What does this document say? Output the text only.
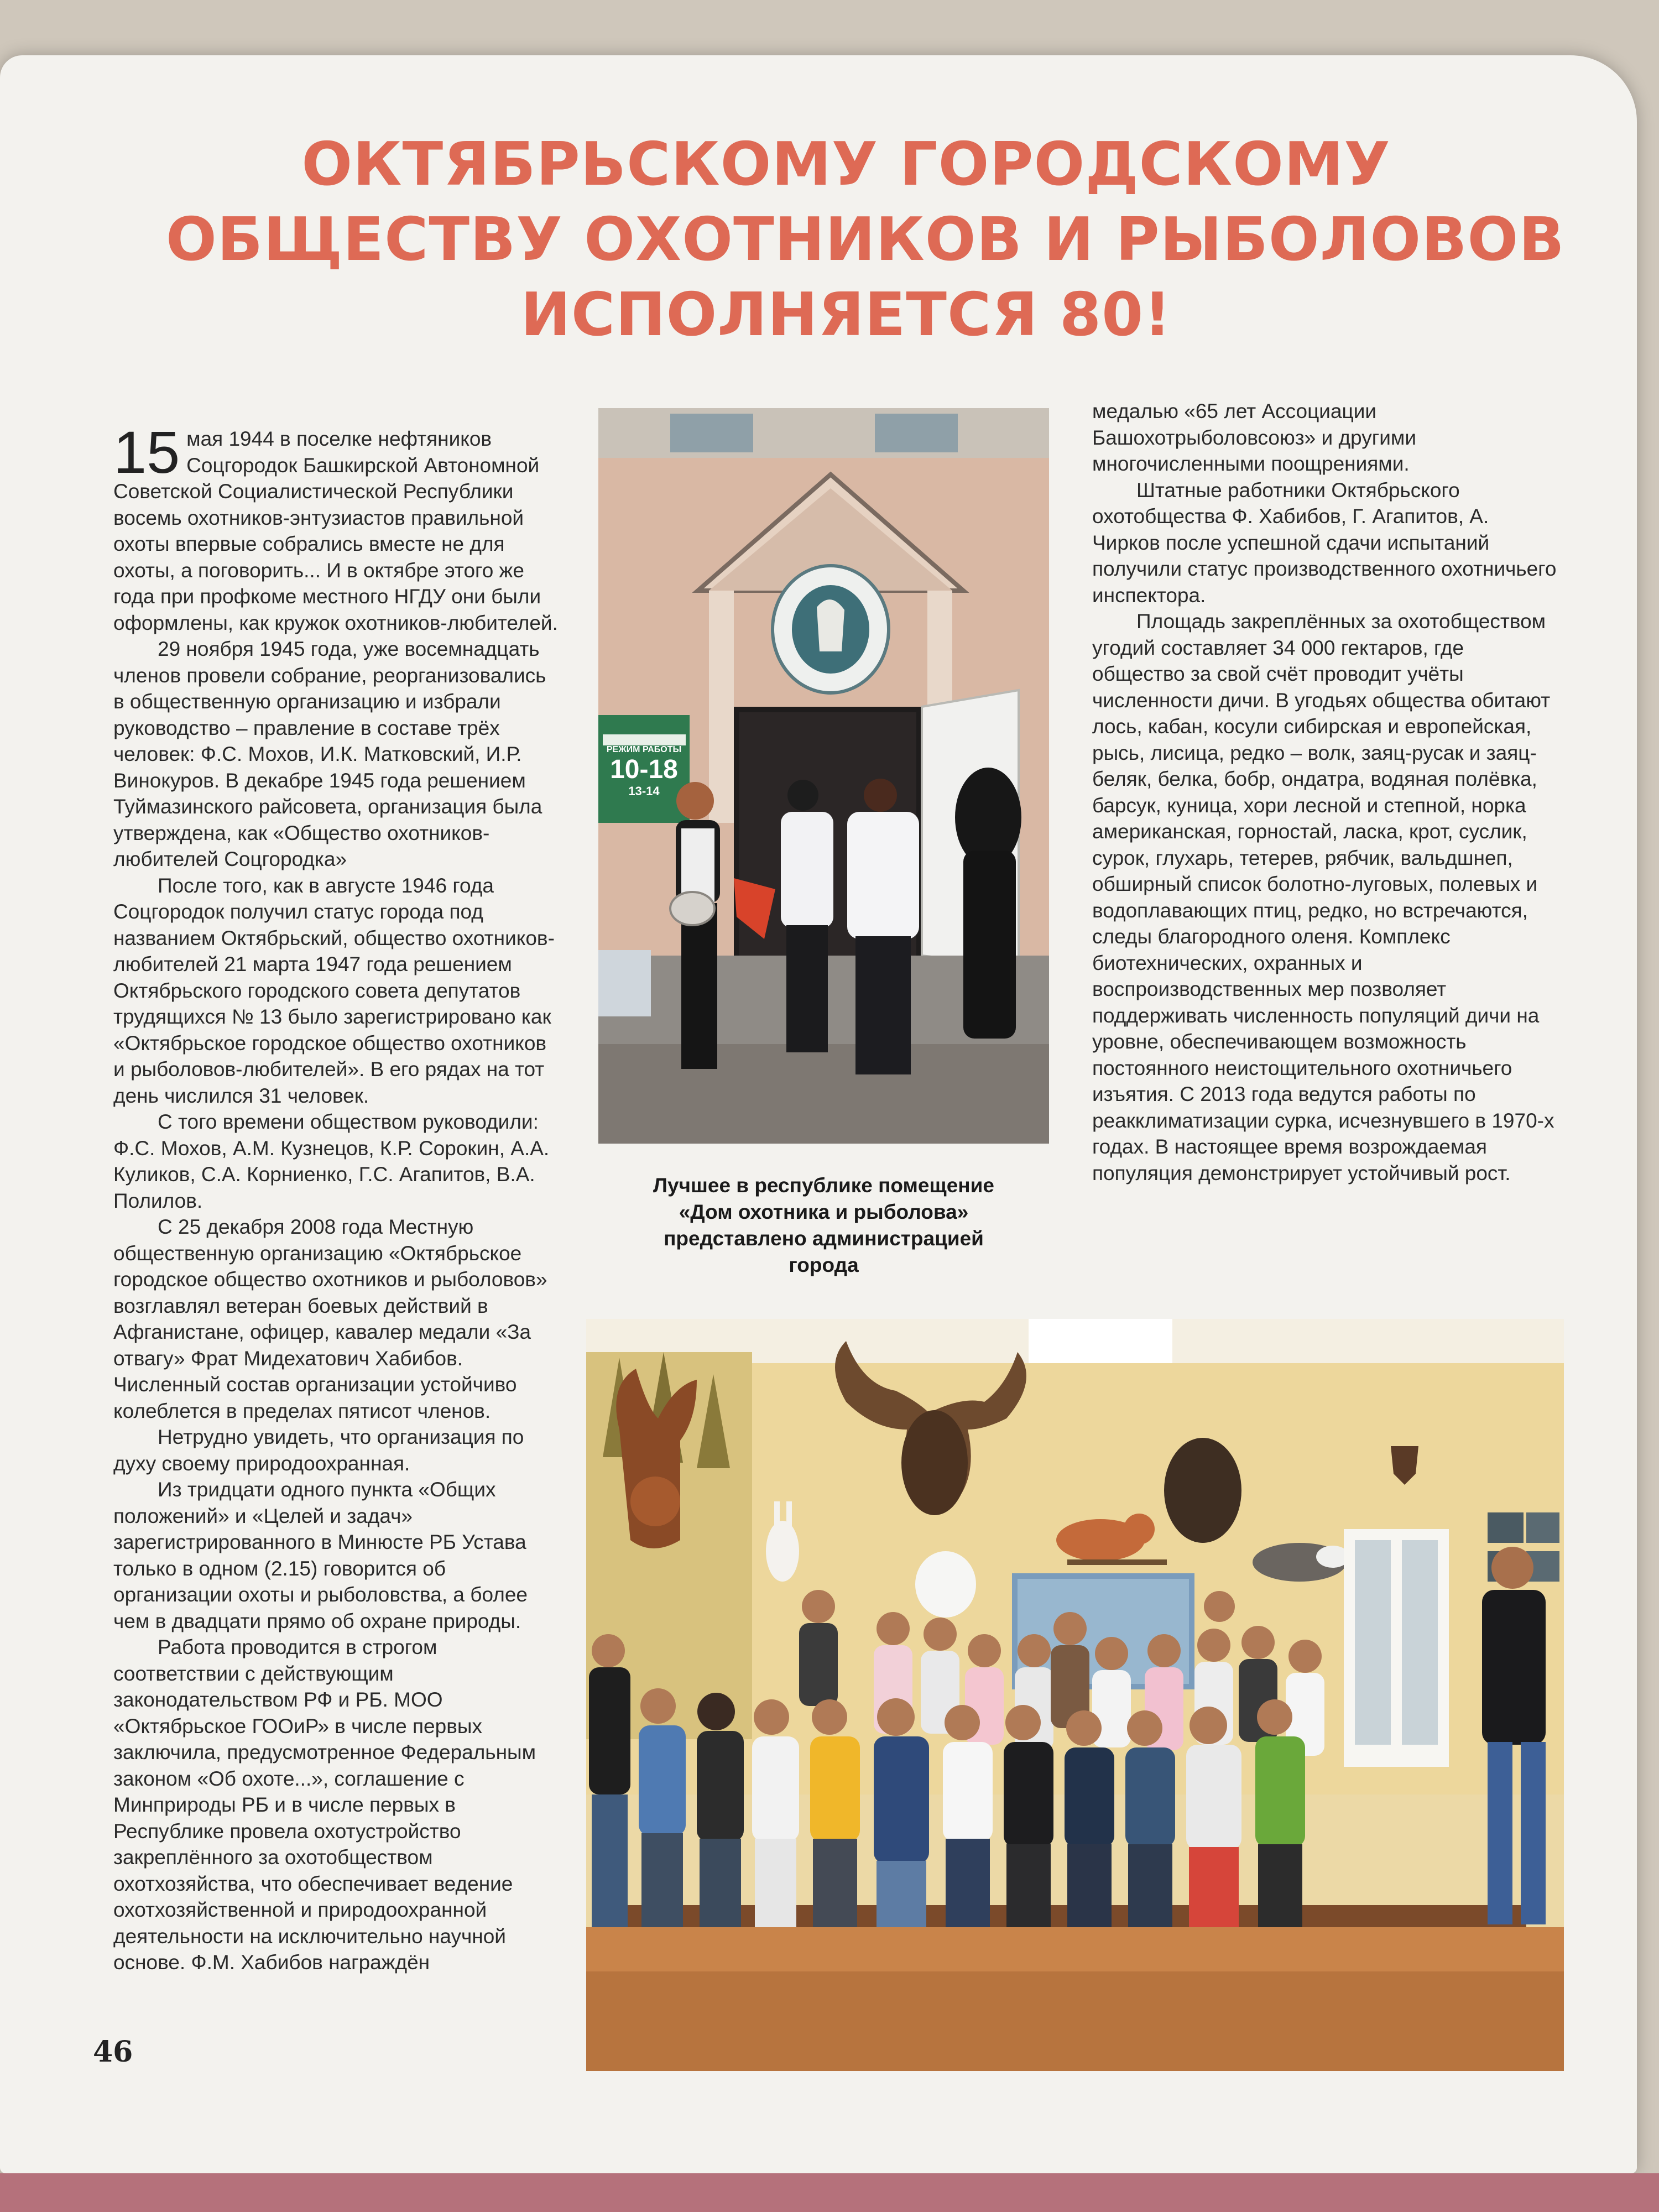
ОКТЯБРЬСКОМУ ГОРОДСКОМУ
ОБЩЕСТВУ ОХОТНИКОВ И РЫБОЛОВОВ
ИСПОЛНЯЕТСЯ 80!

15 мая 1944 в поселке нефтяников Соцгородок Башкирской Автономной Советской Социалистической Республики восемь охотников-энтузиастов правильной охоты впервые собрались вместе не для охоты, а поговорить... И в октябре этого же года при профкоме местного НГДУ они были оформлены, как кружок охотников-любителей.

29 ноября 1945 года, уже восемнадцать членов провели собрание, реорганизовались в общественную организацию и избрали руководство – правление в составе трёх человек: Ф.С. Мохов, И.К. Матковский, И.Р. Винокуров. В декабре 1945 года решением Туймазинского райсовета, организация была утверждена, как «Общество охотников-любителей Соцгородка»

После того, как в августе 1946 года Соцгородок получил статус города под названием Октябрьский, общество охотников-любителей 21 марта 1947 года решением Октябрьского городского совета депутатов трудящихся № 13 было зарегистрировано как «Октябрьское городское общество охотников и рыболовов-любителей». В его рядах на тот день числился 31 человек.

С того времени обществом руководили: Ф.С. Мохов, А.М. Кузнецов, К.Р. Сорокин, А.А. Куликов, С.А. Корниенко, Г.С. Агапитов, В.А. Полилов.

С 25 декабря 2008 года Местную общественную организацию «Октябрьское городское общество охотников и рыболовов» возглавлял ветеран боевых действий в Афганистане, офицер, кавалер медали «За отвагу» Фрат Мидехатович Хабибов. Численный состав организации устойчиво колеблется в пределах пятисот членов.

Нетрудно увидеть, что организация по духу своему природоохранная.

Из тридцати одного пункта «Общих положений» и «Целей и задач» зарегистрированного в Минюсте РБ Устава только в одном (2.15) говорится об организации охоты и рыболовства, а более чем в двадцати прямо об охране природы.

Работа проводится в строгом соответствии с действующим законодательством РФ и РБ. МОО «Октябрьское ГООиР» в числе первых заключила, предусмотренное Федеральным законом «Об охоте...», соглашение с Минприроды РБ и в числе первых в Республике провела охотустройство закреплённого за охотобществом охотхозяйства, что обеспечивает ведение охотхозяйственной и природоохранной деятельности на исключительно научной основе. Ф.М. Хабибов награждён

РЕЖИМ РАБОТЫ
10-18
13-14
Лучшее в республике помещение
«Дом охотника и рыболова»
представлено администрацией
города

медалью «65 лет Ассоциации Башохотрыболовсоюз» и другими многочисленными поощрениями.

Штатные работники Октябрьского охотобщества Ф. Хабибов, Г. Агапитов, А. Чирков после успешной сдачи испытаний получили статус производственного охотничьего инспектора.

Площадь закреплённых за охотобществом угодий составляет 34 000 гектаров, где общество за свой счёт проводит учёты численности дичи. В угодьях общества обитают лось, кабан, косули сибирская и европейская, рысь, лисица, редко – волк, заяц-русак и заяц-беляк, белка, бобр, ондатра, водяная полёвка, барсук, куница, хори лесной и степной, норка американская, горностай, ласка, крот, суслик, сурок, глухарь, тетерев, рябчик, вальдшнеп, обширный список болотно-луговых, полевых и водоплавающих птиц, редко, но встречаются, следы благородного оленя. Комплекс биотехнических, охранных и воспроизводственных мер позволяет поддерживать численность популяций дичи на уровне, обеспечивающем возможность постоянного неистощительного охотничьего изъятия. С 2013 года ведутся работы по реакклиматизации сурка, исчезнувшего в 1970-х годах. В настоящее время возрождаемая популяция демонстрирует устойчивый рост.

46
